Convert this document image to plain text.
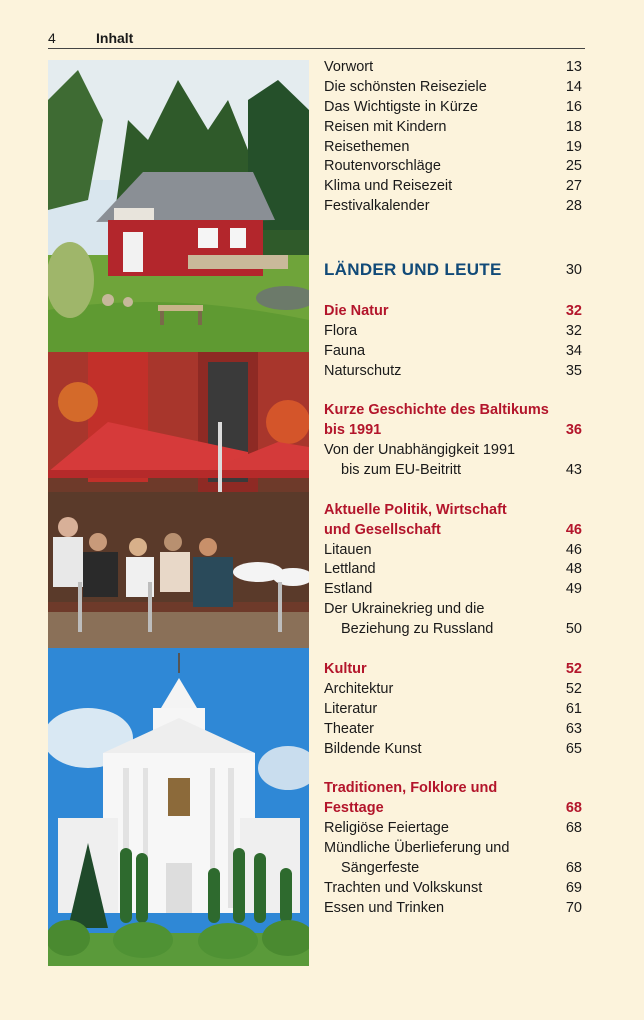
4	Inhalt
Vorwort	13
Die schönsten Reiseziele	14
Das Wichtigste in Kürze	16
Reisen mit Kindern	18
Reisethemen	19
Routenvorschläge	25
Klima und Reisezeit	27
Festivalkalender	28
LÄNDER UND LEUTE	30
Die Natur	32
Flora	32
Fauna	34
Naturschutz	35
Kurze Geschichte des Baltikums
bis 1991	36
Von der Unabhängigkeit 1991
bis zum EU-Beitritt	43
Aktuelle Politik, Wirtschaft
und Gesellschaft	46
Litauen	46
Lettland	48
Estland	49
Der Ukrainekrieg und die
Beziehung zu Russland	50
Kultur	52
Architektur	52
Literatur	61
Theater	63
Bildende Kunst	65
Traditionen, Folklore und
Festtage	68
Religiöse Feiertage	68
Mündliche Überlieferung und
Sängerfeste	68
Trachten und Volkskunst	69
Essen und Trinken	70
